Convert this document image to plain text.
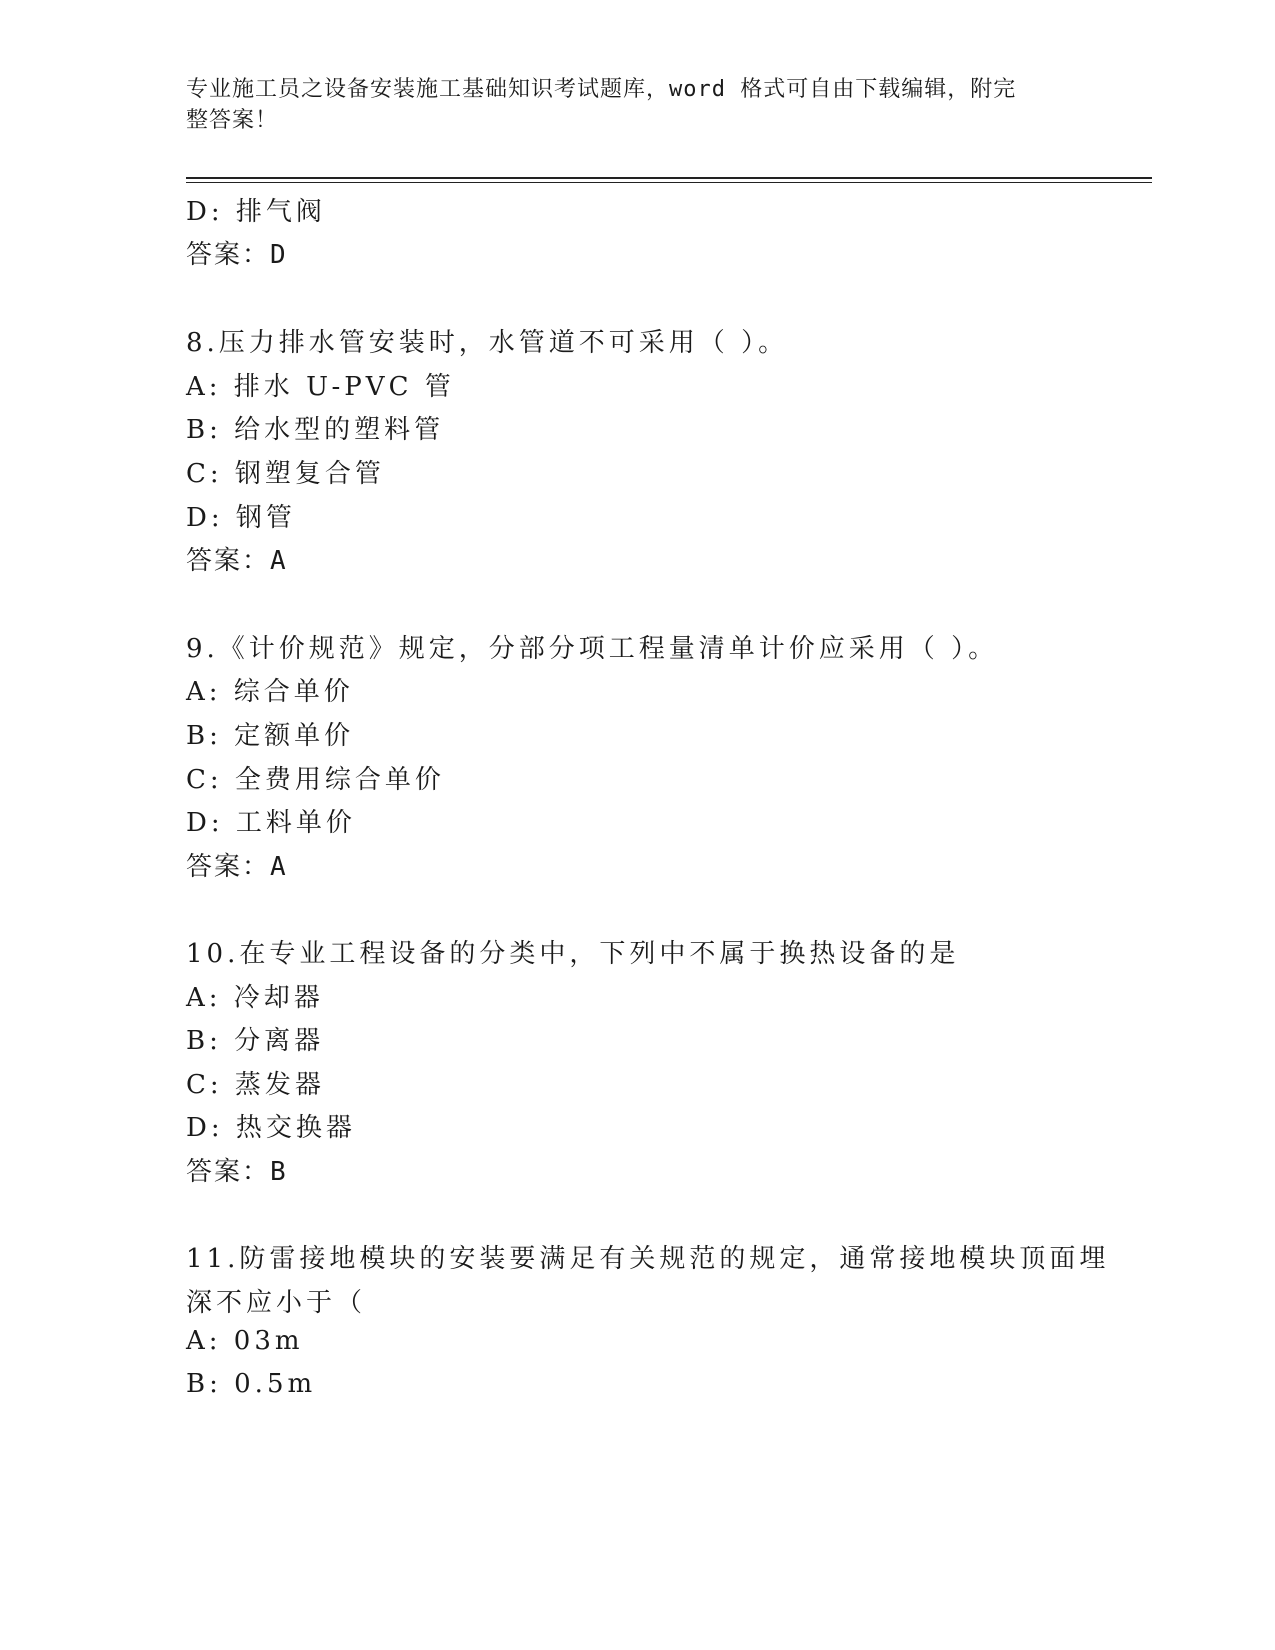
专业施工员之设备安装施工基础知识考试题库，word 格式可自由下载编辑，附完
整答案！
D: 排气阀
答案：D
8.压力排水管安装时，水管道不可采用（ ）。
A: 排水 U-PVC 管
B: 给水型的塑料管
C: 钢塑复合管
D: 钢管
答案：A
9.《计价规范》规定，分部分项工程量清单计价应采用（ ）。
A: 综合单价
B: 定额单价
C: 全费用综合单价
D: 工料单价
答案：A
10.在专业工程设备的分类中，下列中不属于换热设备的是
A: 冷却器
B: 分离器
C: 蒸发器
D: 热交换器
答案：B
11.防雷接地模块的安装要满足有关规范的规定，通常接地模块顶面埋
深不应小于（
A: 03m
B: 0.5m
